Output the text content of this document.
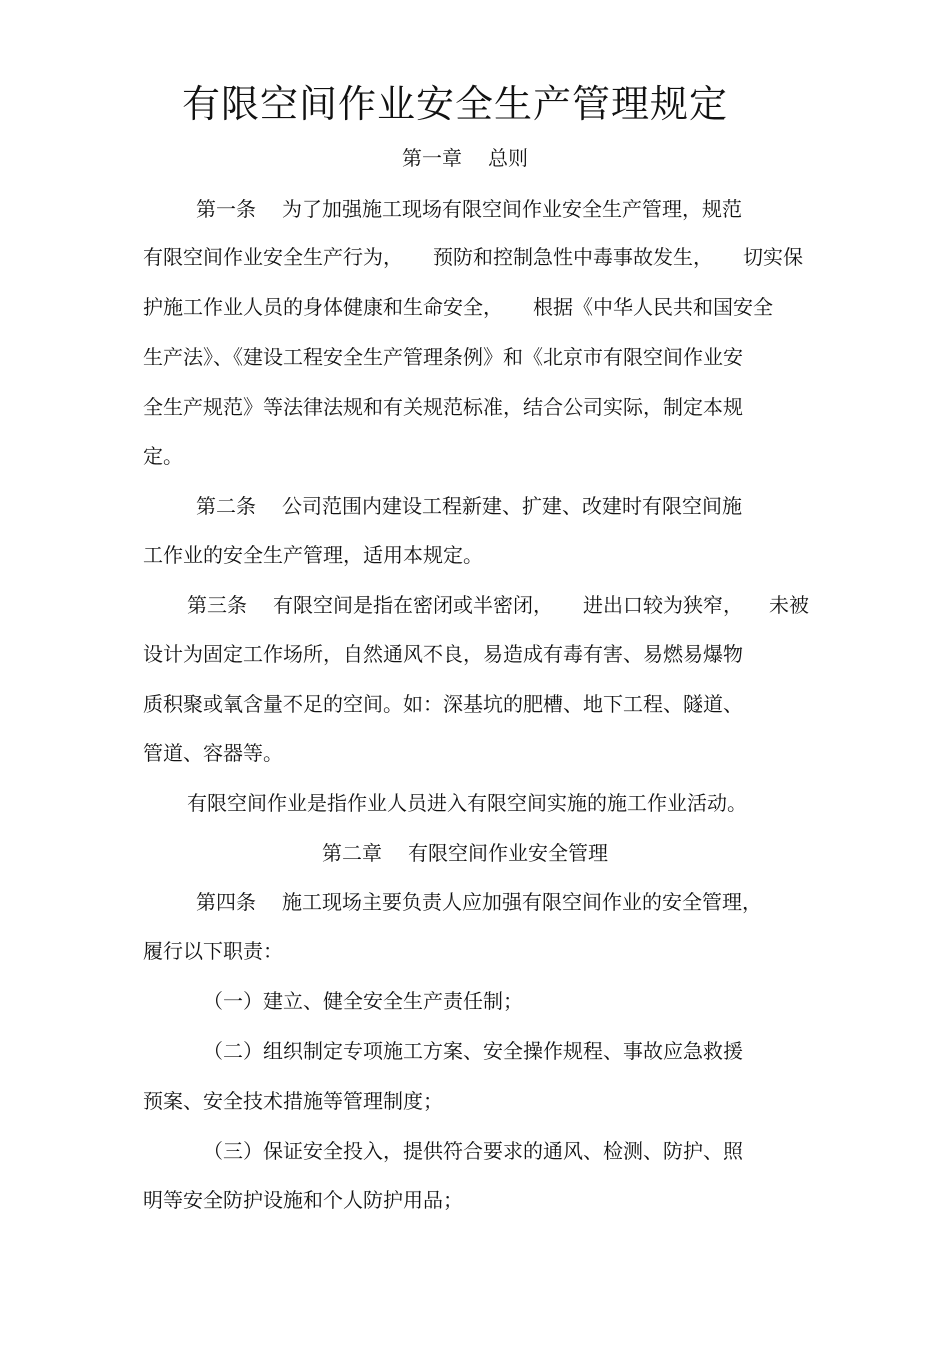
有限空间作业安全生产管理规定
第一章 总则
第一条 为了加强施工现场有限空间作业安全生产管理，规范
有限空间作业安全生产行为， 预防和控制急性中毒事故发生， 切实保
护施工作业人员的身体健康和生命安全， 根据《中华人民共和国安全
生产法》、《建设工程安全生产管理条例》和《北京市有限空间作业安
全生产规范》等法律法规和有关规范标准，结合公司实际，制定本规
定。
第二条 公司范围内建设工程新建、扩建、改建时有限空间施
工作业的安全生产管理，适用本规定。
第三条 有限空间是指在密闭或半密闭， 进出口较为狭窄， 未被
设计为固定工作场所，自然通风不良，易造成有毒有害、易燃易爆物
质积聚或氧含量不足的空间。如：深基坑的肥槽、地下工程、隧道、
管道、容器等。
有限空间作业是指作业人员进入有限空间实施的施工作业活动。
第二章 有限空间作业安全管理
第四条 施工现场主要负责人应加强有限空间作业的安全管理，
履行以下职责：
（一）建立、健全安全生产责任制；
（二）组织制定专项施工方案、安全操作规程、事故应急救援
预案、安全技术措施等管理制度；
（三）保证安全投入，提供符合要求的通风、检测、防护、照
明等安全防护设施和个人防护用品；
